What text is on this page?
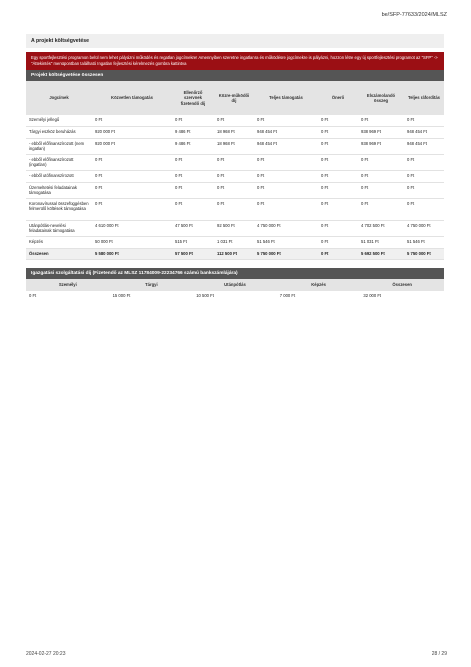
be/SFP-77633/2024/MLSZ
A projekt költségvetése
Egy sportfejlesztési programon belül nem lehet pályázni működés és regatlan jogcímekre! Amennyiben szeretne ingatlanra és működésre jogcímekre is pályázni, hozzon létre egy új sportfejlesztési programot az "SFP" -> "Áttekintés" menüpontban található Ingatlan fejlesztési kérelmezés gombra kattintva
Projekt költségvetése összesen
Jogcímek	Közvetlen támogatás	Ellenőrző szervnek fizetendő díj	Közre-működői díj	Teljes támogatás	Önerő	Elszámolandó összeg	Teljes ráfordítás
Személyi jellegű	0 Ft	0 Ft	0 Ft	0 Ft	0 Ft	0 Ft	0 Ft
Tárgyi eszköz beruházás	920 000 Ft	9 486 Ft	18 968 Ft	948 454 Ft	0 Ft	938 969 Ft	948 454 Ft
- ebből előfinanszírozott (nem ingatlan)	920 000 Ft	9 486 Ft	18 968 Ft	948 454 Ft	0 Ft	938 969 Ft	948 454 Ft
- ebből előfinanszírozott (ingatlan)	0 Ft	0 Ft	0 Ft	0 Ft	0 Ft	0 Ft	0 Ft
- ebből utófinanszírozott	0 Ft	0 Ft	0 Ft	0 Ft	0 Ft	0 Ft	0 Ft
Üzemeltetési feladatainak támogatása	0 Ft	0 Ft	0 Ft	0 Ft	0 Ft	0 Ft	0 Ft
Koronavírussal összefüggésben felmerülő költések támogatása	0 Ft	0 Ft	0 Ft	0 Ft	0 Ft	0 Ft	0 Ft
Utánpótlás-nevelési feladatainak támogatása	4 610 000 Ft	47 500 Ft	92 500 Ft	4 750 000 Ft	0 Ft	4 702 500 Ft	4 750 000 Ft
Képzés	50 000 Ft	515 Ft	1 031 Ft	51 546 Ft	0 Ft	51 031 Ft	51 546 Ft
Összesen	5 580 000 Ft	57 500 Ft	112 500 Ft	5 750 000 Ft	0 Ft	5 692 500 Ft	5 750 000 Ft
Igazgatási szolgáltatási díj (Fizetendő az MLSZ 11784009-22234766 számú bankszámlájára)
Személyi	Tárgyi	Utánpótlás	Képzés	Összesen
0 Ft	15 000 Ft	10 500 Ft	7 000 Ft	32 000 Ft
2024-02-27 20:23	28 / 29
